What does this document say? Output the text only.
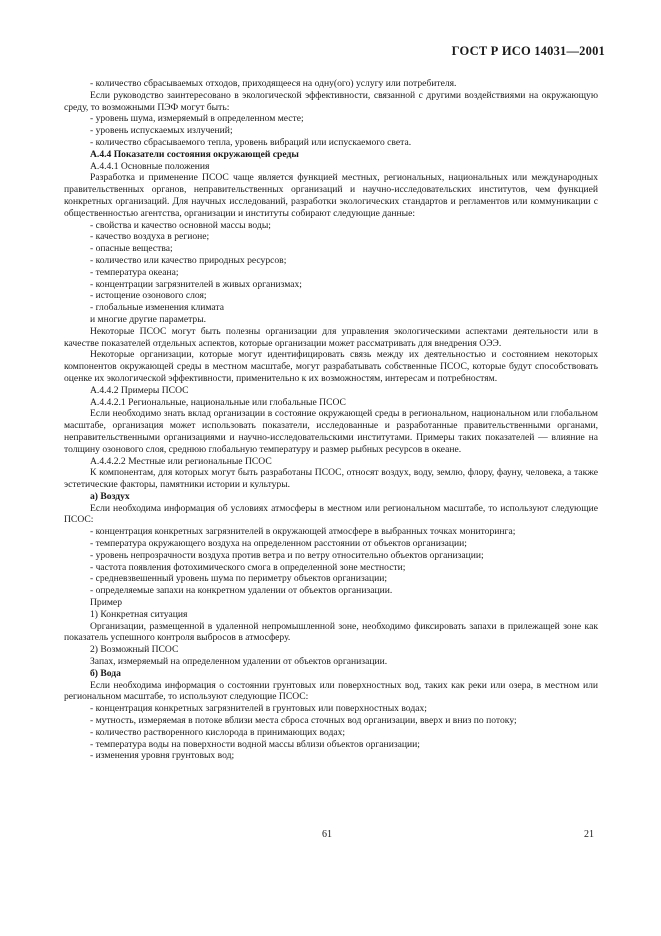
ГОСТ Р ИСО 14031—2001

- количество сбрасываемых отходов, приходящееся на одну(ого) услугу или потребителя.

Если руководство заинтересовано в экологической эффективности, связанной с другими воздействиями на окружающую среду, то возможными ПЭФ могут быть:

- уровень шума, измеряемый в определенном месте;

- уровень испускаемых излучений;

- количество сбрасываемого тепла, уровень вибраций или испускаемого света.

А.4.4 Показатели состояния окружающей среды

А.4.4.1 Основные положения

Разработка и применение ПСОС чаще является функцией местных, региональных, национальных или международных правительственных органов, неправительственных организаций и научно-исследовательских институтов, чем функцией конкретных организаций. Для научных исследований, разработки экологических стандартов и регламентов или коммуникации с общественностью агентства, организации и институты собирают следующие данные:

- свойства и качество основной массы воды;

- качество воздуха в регионе;

- опасные вещества;

- количество или качество природных ресурсов;

- температура океана;

- концентрации загрязнителей в живых организмах;

- истощение озонового слоя;

- глобальные изменения климата

и многие другие параметры.

Некоторые ПСОС могут быть полезны организации для управления экологическими аспектами деятельности или в качестве показателей отдельных аспектов, которые организации может рассматривать для внедрения ОЭЭ.

Некоторые организации, которые могут идентифицировать связь между их деятельностью и состоянием некоторых компонентов окружающей среды в местном масштабе, могут разрабатывать собственные ПСОС, которые будут способствовать оценке их экологической эффективности, применительно к их возможностям, интересам и потребностям.

А.4.4.2 Примеры ПСОС

А.4.4.2.1 Региональные, национальные или глобальные ПСОС

Если необходимо знать вклад организации в состояние окружающей среды в региональном, национальном или глобальном масштабе, организация может использовать показатели, исследованные и разработанные правительственными органами, неправительственными организациями и научно-исследовательскими институтами. Примеры таких показателей — влияние на толщину озонового слоя, среднюю глобальную температуру и размер рыбных ресурсов в океане.

А.4.4.2.2 Местные или региональные ПСОС

К компонентам, для которых могут быть разработаны ПСОС, относят воздух, воду, землю, флору, фауну, человека, а также эстетические факторы, памятники истории и культуры.

а) Воздух

Если необходима информация об условиях атмосферы в местном или региональном масштабе, то используют следующие ПСОС:

- концентрация конкретных загрязнителей в окружающей атмосфере в выбранных точках мониторинга;

- температура окружающего воздуха на определенном расстоянии от объектов организации;

- уровень непрозрачности воздуха против ветра и по ветру относительно объектов организации;

- частота появления фотохимического смога в определенной зоне местности;

- средневзвешенный уровень шума по периметру объектов организации;

- определяемые запахи на конкретном удалении от объектов организации.

Пример

1) Конкретная ситуация

Организации, размещенной в удаленной непромышленной зоне, необходимо фиксировать запахи в прилежащей зоне как показатель успешного контроля выбросов в атмосферу.

2) Возможный ПСОС

Запах, измеряемый на определенном удалении от объектов организации.

б) Вода

Если необходима информация о состоянии грунтовых или поверхностных вод, таких как реки или озера, в местном или региональном масштабе, то используют следующие ПСОС:

- концентрация конкретных загрязнителей в грунтовых или поверхностных водах;

- мутность, измеряемая в потоке вблизи места сброса сточных вод организации, вверх и вниз по потоку;

- количество растворенного кислорода в принимающих водах;

- температура воды на поверхности водной массы вблизи объектов организации;

- изменения уровня грунтовых вод;

61	21
